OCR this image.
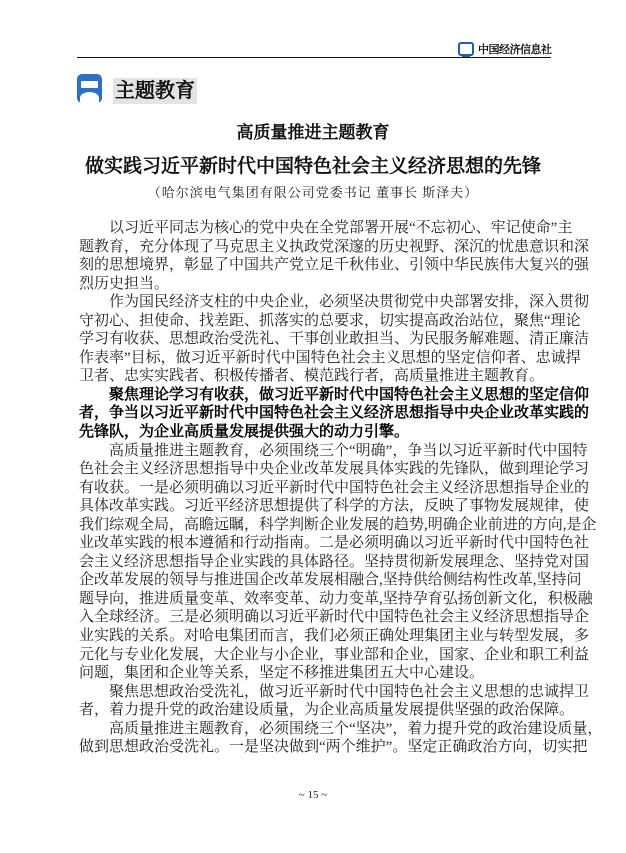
中国经济信息社
主题教育
高质量推进主题教育
做实践习近平新时代中国特色社会主义经济思想的先锋
（哈尔滨电气集团有限公司党委书记 董事长 斯泽夫）
以习近平同志为核心的党中央在全党部署开展“不忘初心、牢记使命”主
题教育，充分体现了马克思主义执政党深邃的历史视野、深沉的忧患意识和深
刻的思想境界，彰显了中国共产党立足千秋伟业、引领中华民族伟大复兴的强
烈历史担当。
作为国民经济支柱的中央企业，必须坚决贯彻党中央部署安排，深入贯彻
守初心、担使命、找差距、抓落实的总要求，切实提高政治站位，聚焦“理论
学习有收获、思想政治受洗礼、干事创业敢担当、为民服务解难题、清正廉洁
作表率”目标，做习近平新时代中国特色社会主义思想的坚定信仰者、忠诚捍
卫者、忠实实践者、积极传播者、模范践行者，高质量推进主题教育。
聚焦理论学习有收获，做习近平新时代中国特色社会主义思想的坚定信仰
者，争当以习近平新时代中国特色社会主义经济思想指导中央企业改革实践的
先锋队，为企业高质量发展提供强大的动力引擎。
高质量推进主题教育，必须围绕三个“明确”，争当以习近平新时代中国特
色社会主义经济思想指导中央企业改革发展具体实践的先锋队，做到理论学习
有收获。一是必须明确以习近平新时代中国特色社会主义经济思想指导企业的
具体改革实践。习近平经济思想提供了科学的方法，反映了事物发展规律，使
我们综观全局，高瞻远瞩，科学判断企业发展的趋势,明确企业前进的方向,是企
业改革实践的根本遵循和行动指南。二是必须明确以习近平新时代中国特色社
会主义经济思想指导企业实践的具体路径。坚持贯彻新发展理念、坚持党对国
企改革发展的领导与推进国企改革发展相融合,坚持供给侧结构性改革,坚持问
题导向，推进质量变革、效率变革、动力变革,坚持孕育弘扬创新文化，积极融
入全球经济。三是必须明确以习近平新时代中国特色社会主义经济思想指导企
业实践的关系。对哈电集团而言，我们必须正确处理集团主业与转型发展，多
元化与专业化发展，大企业与小企业，事业部和企业，国家、企业和职工利益
问题，集团和企业等关系，坚定不移推进集团五大中心建设。
聚焦思想政治受洗礼，做习近平新时代中国特色社会主义思想的忠诚捍卫
者，着力提升党的政治建设质量，为企业高质量发展提供坚强的政治保障。
高质量推进主题教育，必须围绕三个“坚决”，着力提升党的政治建设质量，
做到思想政治受洗礼。一是坚决做到“两个维护”。坚定正确政治方向，切实把
~ 15 ~
